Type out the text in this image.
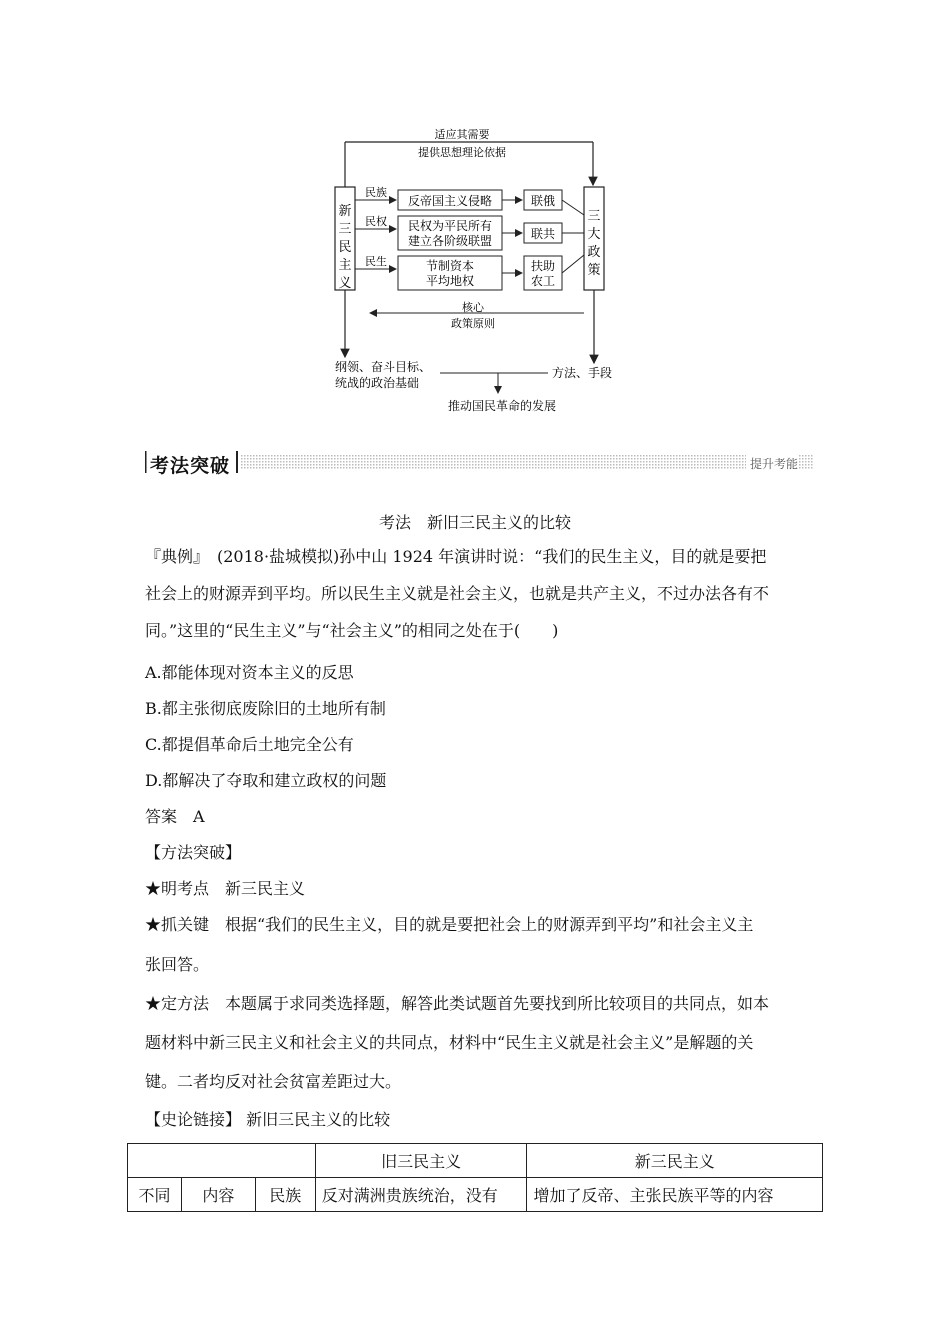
适应其需要
提供思想理论依据
新
三
民
主
义
三
大
政
策
民族
反帝国主义侵略	联俄
民权 民权为平民所有
建立各阶级联盟	联共
民生	节制资本
平均地权
扶助
农工
核心
政策原则
纲领、奋斗目标、
统战的政治基础
方法、手段
推动国民革命的发展
考法突破	提升考能
考法　新旧三民主义的比较
『典例』　(2018·盐城模拟)孙中山 1924 年演讲时说：“我们的民生主义，目的就是要把
社会上的财源弄到平均。所以民生主义就是社会主义，也就是共产主义，不过办法各有不
同。”这里的“民生主义”与“社会主义”的相同之处在于(　　)
A.都能体现对资本主义的反思
B.都主张彻底废除旧的土地所有制
C.都提倡革命后土地完全公有
D.都解决了夺取和建立政权的问题
答案　A
【方法突破】
★明考点　新三民主义
★抓关键　根据“我们的民生主义，目的就是要把社会上的财源弄到平均”和社会主义主
张回答。
★定方法　本题属于求同类选择题，解答此类试题首先要找到所比较项目的共同点，如本
题材料中新三民主义和社会主义的共同点，材料中“民生主义就是社会主义”是解题的关
键。二者均反对社会贫富差距过大。
【史论链接】 新旧三民主义的比较
			旧三民主义	新三民主义
不同	内容	民族	反对满洲贵族统治，没有	增加了反帝、主张民族平等的内容
